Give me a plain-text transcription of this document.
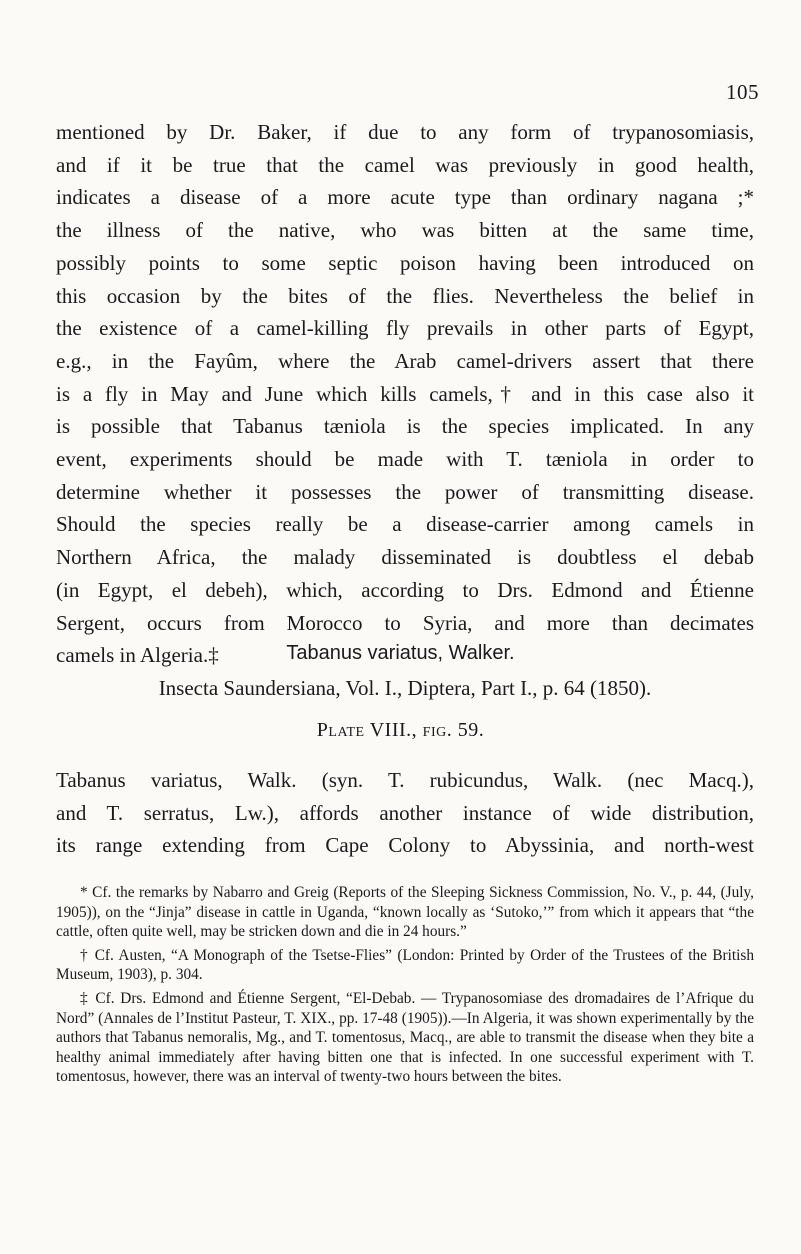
105
mentioned by Dr. Baker, if due to any form of trypanosomiasis,
and if it be true that the camel was previously in good health,
indicates a disease of a more acute type than ordinary nagana ;*
the illness of the native, who was bitten at the same time,
possibly points to some septic poison having been introduced on
this occasion by the bites of the flies. Nevertheless the belief in
the existence of a camel-killing fly prevails in other parts of Egypt,
e.g., in the Fayûm, where the Arab camel-drivers assert that there
is a fly in May and June which kills camels,† and in this case also it
is possible that Tabanus tæniola is the species implicated. In any
event, experiments should be made with T. tæniola in order to
determine whether it possesses the power of transmitting disease.
Should the species really be a disease-carrier among camels in
Northern Africa, the malady disseminated is doubtless el debab
(in Egypt, el debeh), which, according to Drs. Edmond and Étienne
Sergent, occurs from Morocco to Syria, and more than decimates
camels in Algeria.‡	Tabanus variatus, Walker.
Insecta Saundersiana, Vol. I., Diptera, Part I., p. 64 (1850).
Plate VIII., fig. 59.
Tabanus variatus, Walk. (syn. T. rubicundus, Walk. (nec Macq.),
and T. serratus, Lw.), affords another instance of wide distribution,
its range extending from Cape Colony to Abyssinia, and north-west

* Cf. the remarks by Nabarro and Greig (Reports of the Sleeping Sickness Commission, No. V., p. 44, (July, 1905)), on the “Jinja” disease in cattle in Uganda, “known locally as ‘Sutoko,’” from which it appears that “the cattle, often quite well, may be stricken down and die in 24 hours.”

† Cf. Austen, “A Monograph of the Tsetse-Flies” (London: Printed by Order of the Trustees of the British Museum, 1903), p. 304.

‡ Cf. Drs. Edmond and Étienne Sergent, “El-Debab. — Trypanosomiase des dromadaires de l’Afrique du Nord” (Annales de l’Institut Pasteur, T. XIX., pp. 17-48 (1905)).—In Algeria, it was shown experimentally by the authors that Tabanus nemoralis, Mg., and T. tomentosus, Macq., are able to transmit the disease when they bite a healthy animal immediately after having bitten one that is infected. In one successful experiment with T. tomentosus, however, there was an interval of twenty-two hours between the bites.
